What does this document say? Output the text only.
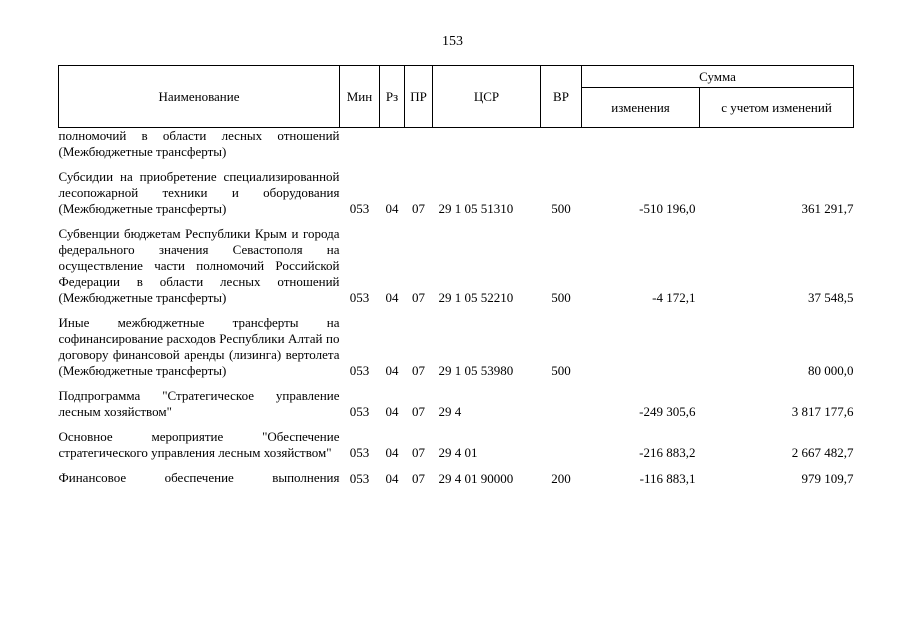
153
Наименование	Мин	Рз	ПР	ЦСР	ВР	Сумма	
						изменения	с учетом изменений
полномочий в области лесных отношений (Межбюджетные трансферты)							

Субсидии на приобретение специализированной лесопожарной техники и оборудования (Межбюджетные трансферты)	053	04	07	29 1 05 51310	500	-510 196,0	361 291,7

Субвенции бюджетам Республики Крым и города федерального значения Севастополя на осуществление части полномочий Российской Федерации в области лесных отношений (Межбюджетные трансферты)	053	04	07	29 1 05 52210	500	-4 172,1	37 548,5

Иные межбюджетные трансферты на софинансирование расходов Республики Алтай по договору финансовой аренды (лизинга) вертолета (Межбюджетные трансферты)	053	04	07	29 1 05 53980	500		80 000,0

Подпрограмма "Стратегическое управление лесным хозяйством"	053	04	07	29 4		-249 305,6	3 817 177,6

Основное мероприятие "Обеспечение стратегического управления лесным хозяйством"	053	04	07	29 4 01		-216 883,2	2 667 482,7

Финансовое обеспечение выполнения	053	04	07	29 4 01 90000	200	-116 883,1	979 109,7
